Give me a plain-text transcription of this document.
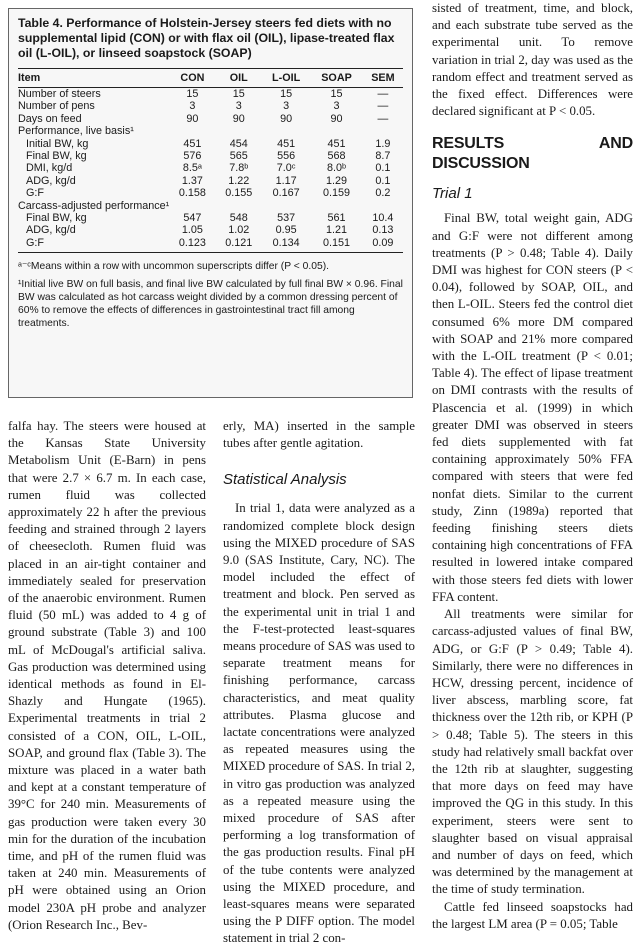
Table 4. Performance of Holstein-Jersey steers fed diets with no supplemental lipid (CON) or with flax oil (OIL), lipase-treated flax oil (L-OIL), or linseed soapstock (SOAP)
Item	CON	OIL	L-OIL	SOAP	SEM
Number of steers	15	15	15	15	—
Number of pens	3	3	3	3	—
Days on feed	90	90	90	90	—
Performance, live basis¹					
Initial BW, kg	451	454	451	451	1.9
Final BW, kg	576	565	556	568	8.7
DMI, kg/d	8.5ᵃ	7.8ᵇ	7.0ᶜ	8.0ᵇ	0.1
ADG, kg/d	1.37	1.22	1.17	1.29	0.1
G:F	0.158	0.155	0.167	0.159	0.2
Carcass-adjusted performance¹					
Final BW, kg	547	548	537	561	10.4
ADG, kg/d	1.05	1.02	0.95	1.21	0.13
G:F	0.123	0.121	0.134	0.151	0.09

ᵃ⁻ᶜMeans within a row with uncommon superscripts differ (P < 0.05).

¹Initial live BW on full basis, and final live BW calculated by full final BW × 0.96. Final BW was calculated as hot carcass weight divided by a common dressing percent of 60% to remove the effects of differences in gastrointestinal tract fill among treatments.

falfa hay. The steers were housed at the Kansas State University Metabolism Unit (E-Barn) in pens that were 2.7 × 6.7 m. In each case, rumen fluid was collected approximately 22 h after the previous feeding and strained through 2 layers of cheesecloth. Rumen fluid was placed in an air-tight container and immediately sealed for preservation of the anaerobic environment. Rumen fluid (50 mL) was added to 4 g of ground substrate (Table 3) and 100 mL of McDougal's artificial saliva. Gas production was determined using identical methods as found in El-Shazly and Hungate (1965). Experimental treatments in trial 2 consisted of a CON, OIL, L-OIL, SOAP, and ground flax (Table 3). The mixture was placed in a water bath and kept at a constant temperature of 39°C for 240 min. Measurements of gas production were taken every 30 min for the duration of the incubation time, and pH of the rumen fluid was taken at 240 min. Measurements of pH were obtained using an Orion model 230A pH probe and analyzer (Orion Research Inc., Bev-

erly, MA) inserted in the sample tubes after gentle agitation.

Statistical Analysis

In trial 1, data were analyzed as a randomized complete block design using the MIXED procedure of SAS 9.0 (SAS Institute, Cary, NC). The model included the effect of treatment and block. Pen served as the experimental unit in trial 1 and the F-test-protected least-squares means procedure of SAS was used to separate treatment means for finishing performance, carcass characteristics, and meat quality attributes. Plasma glucose and lactate concentrations were analyzed as repeated measures using the MIXED procedure of SAS. In trial 2, in vitro gas production was analyzed as a repeated measure using the mixed procedure of SAS after performing a log transformation of the gas production results. Final pH of the tube contents were analyzed using the MIXED procedure, and least-squares means were separated using the P DIFF option. The model statement in trial 2 con-

sisted of treatment, time, and block, and each substrate tube served as the experimental unit. To remove variation in trial 2, day was used as the random effect and treatment served as the fixed effect. Differences were declared significant at P < 0.05.

RESULTS AND DISCUSSION
Trial 1

Final BW, total weight gain, ADG and G:F were not different among treatments (P > 0.48; Table 4). Daily DMI was highest for CON steers (P < 0.04), followed by SOAP, OIL, and then L-OIL. Steers fed the control diet consumed 6% more DM compared with SOAP and 21% more compared with the L-OIL treatment (P < 0.01; Table 4). The effect of lipase treatment on DMI contrasts with the results of Plascencia et al. (1999) in which greater DMI was observed in steers fed diets supplemented with fat containing approximately 50% FFA compared with steers that were fed nonfat diets. Similar to the current study, Zinn (1989a) reported that feeding finishing steers diets containing high concentrations of FFA resulted in lowered intake compared with those steers fed diets with lower FFA content.

All treatments were similar for carcass-adjusted values of final BW, ADG, or G:F (P > 0.49; Table 4). Similarly, there were no differences in HCW, dressing percent, incidence of liver abscess, marbling score, fat thickness over the 12th rib, or KPH (P > 0.48; Table 5). The steers in this study had relatively small backfat over the 12th rib at slaughter, suggesting that more days on feed may have improved the QG in this study. In this experiment, steers were sent to slaughter based on visual appraisal and number of days on feed, which was determined by the management at the time of study termination.

Cattle fed linseed soapstocks had the largest LM area (P = 0.05; Table
